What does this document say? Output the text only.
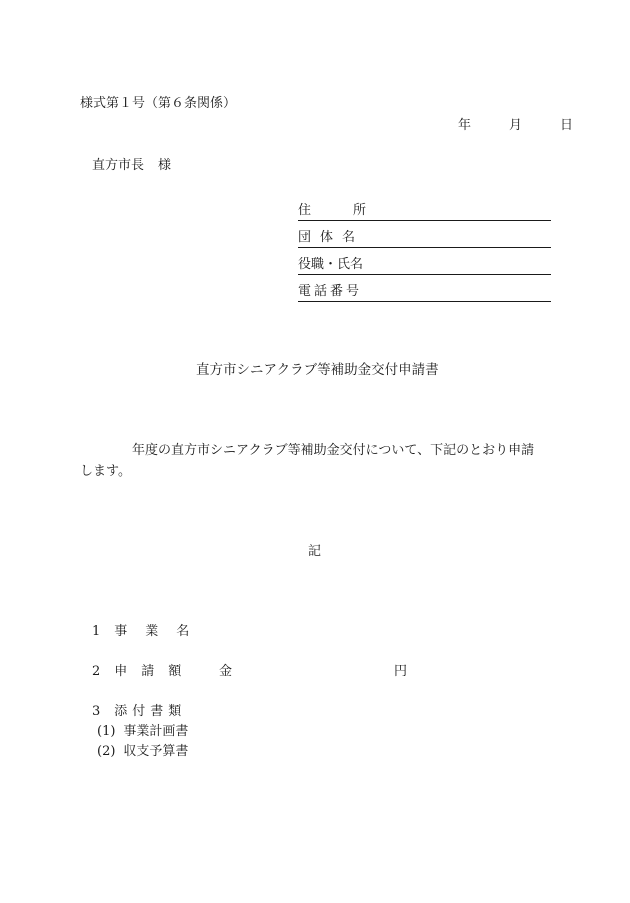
様式第１号（第６条関係）
年	月	日
直方市長 様
住	所
団体名
役職・氏名
電話番号
直方市シニアクラブ等補助金交付申請書
年度の直方市シニアクラブ等補助金交付について、下記のとおり申請
します。
記
1 事業名
2 申請額 金	円
3 添付書類
(1) 事業計画書
(2) 収支予算書
